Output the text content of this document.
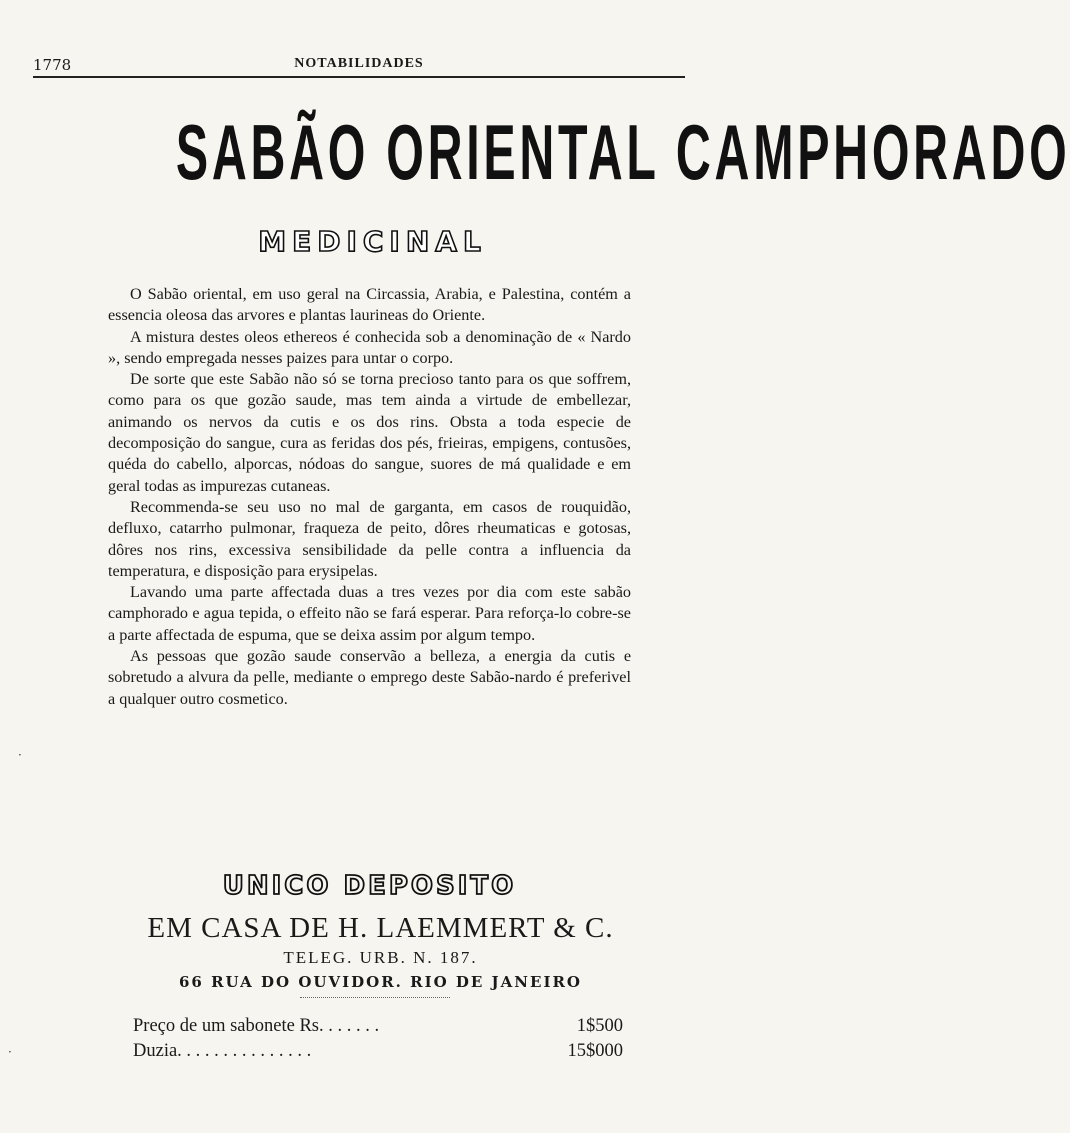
1778	NOTABILIDADES
SABÃO ORIENTAL CAMPHORADO
MEDICINAL

O Sabão oriental, em uso geral na Circassia, Arabia, e Palestina, contém a essencia oleosa das arvores e plantas laurineas do Oriente.

A mistura destes oleos ethereos é conhecida sob a denominação de « Nardo », sendo empregada nesses paizes para untar o corpo.

De sorte que este Sabão não só se torna precioso tanto para os que soffrem, como para os que gozão saude, mas tem ainda a virtude de embellezar, animando os nervos da cutis e os dos rins. Obsta a toda especie de decomposição do sangue, cura as feridas dos pés, frieiras, empigens, contusões, quéda do cabello, alporcas, nódoas do sangue, suores de má qualidade e em geral todas as impurezas cutaneas.

Recommenda-se seu uso no mal de garganta, em casos de rouquidão, defluxo, catarrho pulmonar, fraqueza de peito, dôres rheumaticas e gotosas, dôres nos rins, excessiva sensibilidade da pelle contra a influencia da temperatura, e disposição para erysipelas.

Lavando uma parte affectada duas a tres vezes por dia com este sabão camphorado e agua tepida, o effeito não se fará esperar. Para reforça-lo cobre-se a parte affectada de espuma, que se deixa assim por algum tempo.

As pessoas que gozão saude conservão a belleza, a energia da cutis e sobretudo a alvura da pelle, mediante o emprego deste Sabão-nardo é preferivel a qualquer outro cosmetico.

UNICO DEPOSITO
EM CASA DE H. LAEMMERT & C.
TELEG. URB. N. 187.
66 RUA DO OUVIDOR. RIO DE JANEIRO
Preço de um sabonete Rs. . . . . . .	1$500
Duzia. . . . . . . . . . . . . . .	15$000
·
·
